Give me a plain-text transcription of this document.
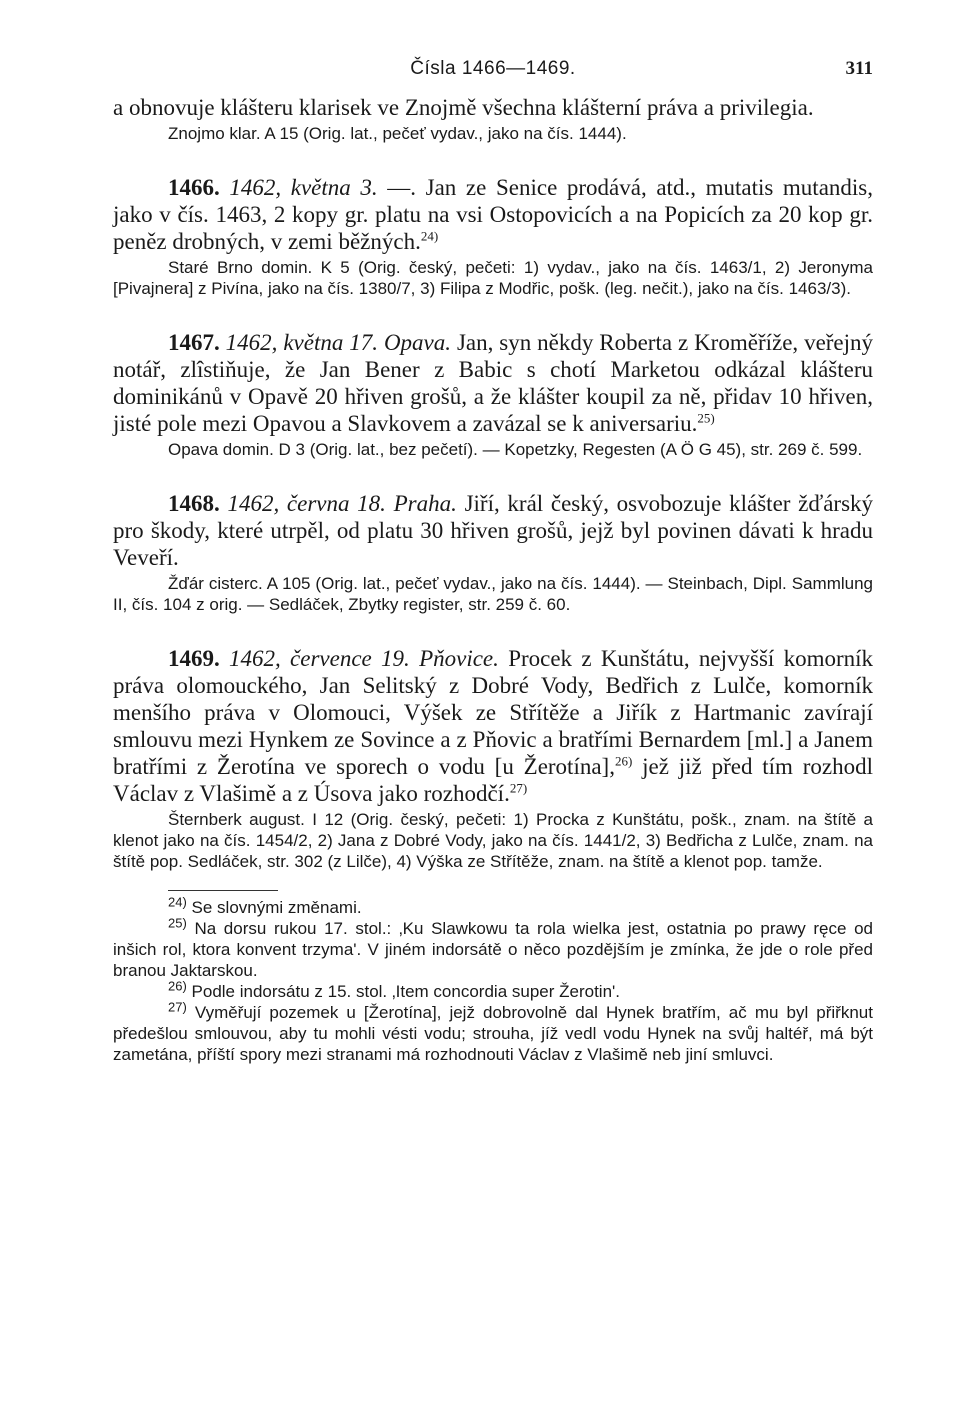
Čísla 1466—1469.	311

a obnovuje klášteru klarisek ve Znojmě všechna klášterní práva a privilegia.

Znojmo klar. A 15 (Orig. lat., pečeť vydav., jako na čís. 1444).

1466. 1462, května 3. —. Jan ze Senice prodává, atd., mutatis mutandis, jako v čís. 1463, 2 kopy gr. platu na vsi Ostopovicích a na Popicích za 20 kop gr. peněz drobných, v zemi běžných.$^{24)}$

Staré Brno domin. K 5 (Orig. český, pečeti: 1) vydav., jako na čís. 1463/1, 2) Jeronyma [Pivajnera] z Pivína, jako na čís. 1380/7, 3) Filipa z Modřic, pošk. (leg. nečit.), jako na čís. 1463/3).

1467. 1462, května 17. Opava. Jan, syn někdy Roberta z Kroměříže, veřejný notář, zlîstiňuje, že Jan Bener z Babic s chotí Marketou odkázal klášteru dominikánů v Opavě 20 hřiven grošů, a že klášter koupil za ně, přidav 10 hřiven, jisté pole mezi Opavou a Slavkovem a zavázal se k aniversariu.$^{25)}$

Opava domin. D 3 (Orig. lat., bez pečetí). — Kopetzky, Regesten (A Ö G 45), str. 269 č. 599.

1468. 1462, června 18. Praha. Jiří, král český, osvobozuje klášter žďárský pro škody, které utrpěl, od platu 30 hřiven grošů, jejž byl povinen dávati k hradu Veveří.

Žďár cisterc. A 105 (Orig. lat., pečeť vydav., jako na čís. 1444). — Steinbach, Dipl. Sammlung II, čís. 104 z orig. — Sedláček, Zbytky register, str. 259 č. 60.

1469. 1462, července 19. Pňovice. Procek z Kunštátu, nejvyšší komorník práva olomouckého, Jan Selitský z Dobré Vody, Bedřich z Lulče, komorník menšího práva v Olomouci, Výšek ze Střítěže a Jiřík z Hartmanic zavírají smlouvu mezi Hynkem ze Sovince a z Pňovic a bratřími Bernardem [ml.] a Janem bratřími z Žerotína ve sporech o vodu [u Žerotína],$^{26)}$ jež již před tím rozhodl Václav z Vlašimě a z Úsova jako rozhodčí.$^{27)}$

Šternberk august. I 12 (Orig. český, pečeti: 1) Procka z Kunštátu, pošk., znam. na štítě a klenot jako na čís. 1454/2, 2) Jana z Dobré Vody, jako na čís. 1441/2, 3) Bedřicha z Lulče, znam. na štítě pop. Sedláček, str. 302 (z Lilče), 4) Výška ze Střítěže, znam. na štítě a klenot pop. tamže.

$^{24)}$ Se slovnými změnami.

$^{25)}$ Na dorsu rukou 17. stol.: ‚Ku Slawkowu ta rola wielka jest, ostatnia po prawy ręce od inšich rol, ktora konvent trzyma'. V jiném indorsátě o něco pozdějším je zmínka, že jde o role před branou Jaktarskou.

$^{26)}$ Podle indorsátu z 15. stol. ‚Item concordia super Žerotin'.

$^{27)}$ Vyměřují pozemek u [Žerotína], jejž dobrovolně dal Hynek bratřím, ač mu byl přiřknut předešlou smlouvou, aby tu mohli vésti vodu; strouha, jíž vedl vodu Hynek na svůj haltéř, má být zametána, příští spory mezi stranami má rozhodnouti Václav z Vlašimě neb jiní smluvci.
